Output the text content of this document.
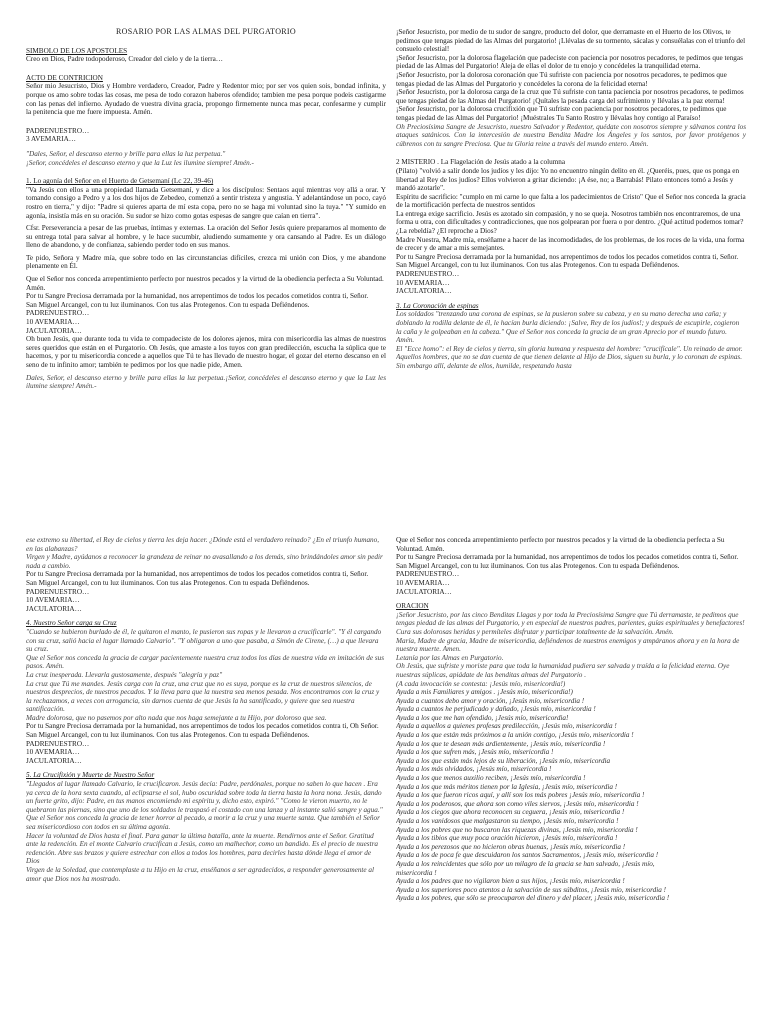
ROSARIO POR LAS ALMAS DEL PURGATORIO

SIMBOLO DE LOS APOSTOLES

Creo en Dios, Padre todopoderoso, Creador del cielo y de la tierra…

ACTO DE CONTRICION

Señor mio Jesucristo, Dios y Hombre verdadero, Creador, Padre y Redentor mio; por ser vos quien sois, bondad infinita, y porque os amo sobre todas las cosas, me pesa de todo corazon haberos ofendido; tambien me pesa porque podeis castigarme con las penas del infierno. Ayudado de vuestra divina gracia, propongo firmemente nunca mas pecar, confesarme y cumplir la penitencia que me fuere impuesta. Amén.

PADRENUESTRO…

3 AVEMARIA…

"Dales, Señor, el descanso eterno y brille para ellas la luz perpetua."

¡Señor, concédeles el descanso eterno y que la Luz les ilumine siempre! Amén.-

1. Lo agonía del Señor en el Huerto de Getsemaní (Lc 22, 39-46)

"Va Jesús con ellos a una propiedad llamada Getsemaní, y dice a los discípulos: Sentaos aquí mientras voy allá a orar. Y tomando consigo a Pedro y a los dos hijos de Zebedeo, comenzó a sentir tristeza y angustia. Y adelantándose un poco, cayó rostro en tierra," y dijo: "Padre si quieres aparta de mí esta copa, pero no se haga mi voluntad sino la tuya." "Y sumido en agonía, insistía más en su oración. Su sudor se hizo como gotas espesas de sangre que caían en tierra".

Cfsr. Perseverancia a pesar de las pruebas, íntimas y externas. La oración del Señor Jesús quiere prepararnos al momento de su entrega total para salvar al hombre, y le hace sucumbir, aludiendo sumamente y ora cansando al Padre. Es un diálogo lleno de abandono, y de confianza, sabiendo perder todo en sus manos.

Te pido, Señora y Madre mía, que sobre todo en las circunstancias difíciles, crezca mi unión con Dios, y me abandone plenamente en Él.

Que el Señor nos conceda arrepentimiento perfecto por nuestros pecados y la virtud de la obediencia perfecta a Su Voluntad. Amén.

Por tu Sangre Preciosa derramada por la humanidad, nos arrepentimos de todos los pecados cometidos contra ti, Señor.

San Miguel Arcangel, con tu luz iluminanos. Con tus alas Protegenos. Con tu espada Defiéndenos.

PADRENUESTRO…

10 AVEMARIA…

JACULATORIA…

Oh buen Jesús, que durante toda tu vida te compadeciste de los dolores ajenos, mira con misericordia las almas de nuestros seres queridos que están en el Purgatorio. Oh Jesús, que amaste a los tuyos con gran predilección, escucha la súplica que te hacemos, y por tu misericordia concede a aquellos que Tú te has llevado de nuestro hogar, el gozar del eterno descanso en el seno de tu infinito amor; también te pedimos por los que nadie pide, Amen.

Dales, Señor, el descanso eterno y brille para ellas la luz perpetua.¡Señor, concédeles el descanso eterno y que la Luz les ilumine siempre! Amén.-

¡Señor Jesucristo, por medio de tu sudor de sangre, producto del dolor, que derramaste en el Huerto de los Olivos, te pedimos que tengas piedad de las Almas del purgatorio! ¡Llévalas de su tormento, sácalas y consuélalas con el triunfo del consuelo celestial!

¡Señor Jesucristo, por la dolorosa flagelación que padeciste con paciencia por nosotros pecadores, te pedimos que tengas piedad de las Almas del Purgatorio! Aleja de ellas el dolor de tu enojo y concédeles la tranquilidad eterna.

¡Señor Jesucristo, por la dolorosa coronación que Tú sufriste con paciencia por nosotros pecadores, te pedimos que tengas piedad de las Almas del Purgatorio y concédeles la corona de la felicidad eterna!

¡Señor Jesucristo, por la dolorosa carga de la cruz que Tú sufriste con tanta paciencia por nosotros pecadores, te pedimos que tengas piedad de las Almas del Purgatorio! ¡Quítales la pesada carga del sufrimiento y llévalas a la paz eterna!

¡Señor Jesucristo, por la dolorosa crucifixión que Tú sufriste con paciencia por nosotros pecadores, te pedimos que tengas piedad de las Almas del Purgatorio! ¡Muéstrales Tu Santo Rostro y llévalas hoy contigo al Paraíso!

Oh Preciosísima Sangre de Jesucristo, nuestro Salvador y Redentor, quédate con nosotros siempre y sálvanos contra los ataques satánicos. Con la intercesión de nuestra Bendita Madre los Ángeles y los santos, por favor protégenos y cúbrenos con tu sangre Preciosa. Que tu Gloria reine a través del mundo entero. Amén.

2 MISTERIO . La Flagelación de Jesús atado a la columna

(Pilato) "volvió a salir donde los judíos y les dijo: Yo no encuentro ningún delito en él. ¿Queréis, pues, que os ponga en libertad al Rey de los judíos? Ellos volvieron a gritar diciendo: ¡A ése, no; a Barrabás! Pilato entonces tomó a Jesús y mandó azotarle".

Espíritu de sacrificio: "cumplo en mi carne lo que falta a los padecimientos de Cristo" Que el Señor nos conceda la gracia de la mortificación perfecta de nuestros sentidos

La entrega exige sacrificio. Jesús es azotado sin compasión, y no se queja. Nosotros también nos encontraremos, de una forma u otra, con dificultades y contradicciones, que nos golpearan por fuera o por dentro. ¿Qué actitud podemos tomar? ¿La rebeldía? ¿El reproche a Dios?

Madre Nuestra, Madre mía, enséñame a hacer de las incomodidades, de los problemas, de los roces de la vida, una forma de crecer y de amar a mis semejantes.

Por tu Sangre Preciosa derramada por la humanidad, nos arrepentimos de todos los pecados cometidos contra ti, Señor.

San Miguel Arcangel, con tu luz iluminanos. Con tus alas Protegenos. Con tu espada Defiéndenos.

PADRENUESTRO…

10 AVEMARIA…

JACULATORIA…

3. La Coronación de espinas

Los soldados "trenzando una corona de espinas, se la pusieron sobre su cabeza, y en su mano derecha una caña; y doblando la rodilla delante de él, le hacían burla diciendo: ¡Salve, Rey de los judíos!; y después de escupirle, cogieron la caña y le golpeaban en la cabeza." Que el Señor nos conceda la gracia de un gran Aprecio por el mundo futuro. Amén.

El "Ecce homo": el Rey de cielos y tierra, sin gloria humana y respuesta del hombre: "crucifícale". Un reinado de amor. Aquellos hombres, que no se dan cuenta de que tienen delante al Hijo de Dios, siguen su burla, y lo coronan de espinas. Sin embargo allí, delante de ellos, humilde, respetando hasta

ese extremo su libertad, el Rey de cielos y tierra les deja hacer. ¿Dónde está el verdadero reinado? ¿En el triunfo humano, en las alabanzas?

Virgen y Madre, ayúdanos a reconocer la grandeza de reinar no avasallando a los demás, sino brindándoles amor sin pedir nada a cambio.

Por tu Sangre Preciosa derramada por la humanidad, nos arrepentimos de todos los pecados cometidos contra ti, Señor.

San Miguel Arcangel, con tu luz iluminanos. Con tus alas Protegenos. Con tu espada Defiéndenos.

PADRENUESTRO…

10 AVEMARIA…

JACULATORIA…

4. Nuestro Señor carga su Cruz

"Cuando se hubieron burlado de él, le quitaron el manto, le pusieron sus ropas y le llevaron a crucificarle". "Y él cargando con su cruz, salió hacia el lugar llamado Calvario". "Y obligaron a uno que pasaba, a Simón de Cirene, (…) a que llevara su cruz.

Que el Señor nos conceda la gracia de cargar pacientemente nuestra cruz todos los días de nuestra vida en imitación de sus pasos. Amén.

La cruz inesperada. Llevarla gustosamente, después "alegría y paz"

La cruz que Tú me mandes. Jesús carga con la cruz, una cruz que no es suya, porque es la cruz de nuestros silencios, de nuestros desprecios, de nuestros pecados. Y la lleva para que la nuestra sea menos pesada. Nos encontramos con la cruz y la rechazamos, a veces con arrogancia, sin darnos cuenta de que Jesús la ha santificado, y quiere que sea nuestra santificación.

Madre dolorosa, que no pasemos por alto nada que nos haga semejante a tu Hijo, por doloroso que sea.

Por tu Sangre Preciosa derramada por la humanidad, nos arrepentimos de todos los pecados cometidos contra ti, Oh Señor.

San Miguel Arcangel, con tu luz iluminanos. Con tus alas Protegenos. Con tu espada Defiéndenos.

PADRENUESTRO…

10 AVEMARIA…

JACULATORIA…

5. La Crucifixión y Muerte de Nuestro Señor

"Llegados al lugar llamado Calvario, le crucificaron. Jesús decía: Padre, perdónales, porque no saben lo que hacen . Era ya cerca de la hora sexta cuando, al eclipsarse el sol, hubo oscuridad sobre toda la tierra hasta la hora nona. Jesús, dando un fuerte grito, dijo: Padre, en tus manos encomiendo mi espíritu y, dicho esto, expiró." "Como le vieron muerto, no le quebraron las piernas, sino que uno de los soldados le traspasó el costado con una lanza y al instante salió sangre y agua."

Que el Señor nos conceda la gracia de tener horror al pecado, a morir a la cruz y una muerte santa. Que también el Señor sea misericordioso con todos en su última agonía.

Hacer la voluntad de Dios hasta el final. Para ganar la última batalla, ante la muerte. Rendirnos ante el Señor. Gratitud ante la redención. En el monte Calvario crucifican a Jesús, como un malhechor, como un bandido. Es el precio de nuestra redención. Abre sus brazos y quiere estrechar con ellos a todos los hombres, para decirles hasta dónde llega el amor de Dios

Virgen de la Soledad, que contemplaste a tu Hijo en la cruz, enséñanos a ser agradecidos, a responder generosamente al amor que Dios nos ha mostrado.

Que el Señor nos conceda arrepentimiento perfecto por nuestros pecados y la virtud de la obediencia perfecta a Su Voluntad. Amén.

Por tu Sangre Preciosa derramada por la humanidad, nos arrepentimos de todos los pecados cometidos contra ti, Señor.

San Miguel Arcangel, con tu luz iluminanos. Con tus alas Protegenos. Con tu espada Defiéndenos.

PADRENUESTRO…

10 AVEMARIA…

JACULATORIA…

ORACION

¡Señor Jesucristo, por las cinco Benditas Llagas y por toda la Preciosísima Sangre que Tú derramaste, te pedimos que tengas piedad de las almas del Purgatorio, y en especial de nuestros padres, parientes, guías espirituales y benefactores! Cura sus dolorosas heridas y permíteles disfrutar y participar totalmente de la salvación. Amén.

María, Madre de gracia, Madre de misericordia, defiéndenos de nuestros enemigos y ampáranos ahora y en la hora de nuestra muerte. Amen.

Letanía por las Almas en Purgatorio.

Oh Jesús, que sufriste y moriste para que toda la humanidad pudiera ser salvada y traída a la felicidad eterna. Oye nuestras súplicas, apiádate de las benditas almas del Purgatorio .

(A cada invocación se contesta: ¡Jesús mío, misericordia!)

Ayuda a mis Familiares y amigos . ¡Jesús mío, misericordia!)

Ayuda a cuantos debo amor y oración, ¡Jesús mío, misericordia !

Ayuda a cuantos he perjudicado y dañado, ¡Jesús mío, misericordia !

Ayuda a los que me han ofendido, ¡Jesús mío, misericordia!

Ayuda a aquellos a quienes profesas predilección, ¡Jesús mío, misericordia !

Ayuda a los que están más próximos a la unión contigo, ¡Jesús mío, misericordia !

Ayuda a los que te desean más ardientemente, ¡Jesús mío, misericordia !

Ayuda a los que sufren más, ¡Jesús mío, misericordia !

Ayuda a los que están más lejos de su liberación, ¡Jesús mío, misericordia

Ayuda a los más olvidados, ¡Jesús mío, misericordia !

Ayuda a los que menos auxilio reciben, ¡Jesús mío, misericordia !

Ayuda a los que más méritos tienen por la Iglesia, ¡Jesús mío, misericordia !

Ayuda a los que fueron ricos aquí, y allí son los más pobres ¡Jesús mío, misericordia !

Ayuda a los poderosos, que ahora son como viles siervos, ¡Jesús mío, misericordia !

Ayuda a los ciegos que ahora reconocen su ceguera, ¡Jesús mío, misericordia !

Ayuda a los vanidosos que malgastaron su tiempo, ¡Jesús mío, misericordia !

Ayuda a los pobres que no buscaron las riquezas divinas, ¡Jesús mío, misericordia !

Ayuda a los tibios que muy poca oración hicieron, ¡Jesús mío, misericordia !

Ayuda a los perezosos que no hicieron obras buenas, ¡Jesús mío, misericordia !

Ayuda a los de poca fe que descuidaron los santos Sacramentos, ¡Jesús mío, misericordia !

Ayuda a los reincidentes que sólo por un milagro de la gracia se han salvado, ¡Jesús mío,

misericordia !

Ayuda a los padres que no vigilaron bien a sus hijos, ¡Jesús mío, misericordia !

Ayuda a los superiores poco atentos a la salvación de sus súbditos, ¡Jesús mío, misericordia !

Ayuda a los pobres, que sólo se preocuparon del dinero y del placer, ¡Jesús mío, misericordia !
